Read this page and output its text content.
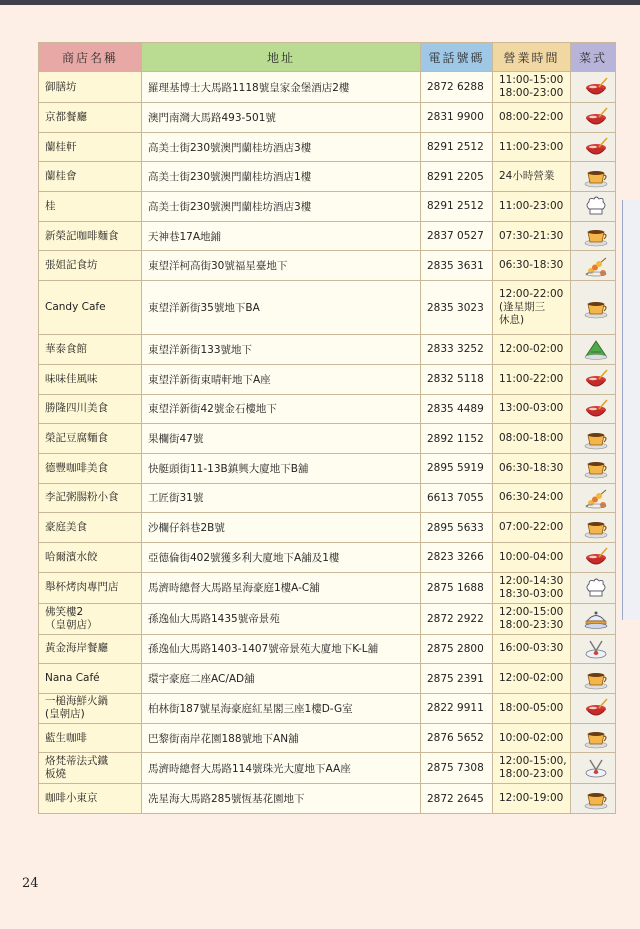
商店名稱	地址	電話號碼	營業時間	菜式
御膳坊	羅理基博士大馬路1118號皇家金堡酒店2樓	2872 6288	11:00-15:00
18:00-23:00	
京都餐廳	澳門南灣大馬路493-501號	2831 9900	08:00-22:00	
蘭桂軒	高美士街230號澳門蘭桂坊酒店3樓	8291 2512	11:00-23:00	
蘭桂會	高美士街230號澳門蘭桂坊酒店1樓	8291 2205	24小時營業	
桂	高美士街230號澳門蘭桂坊酒店3樓	8291 2512	11:00-23:00	
新榮記咖啡麵食	天神巷17A地鋪	2837 0527	07:30-21:30	
張姐記食坊	東望洋柯高街30號福星臺地下	2835 3631	06:30-18:30	
Candy Cafe	東望洋新街35號地下BA	2835 3023	12:00-22:00
(逢星期三
休息)	
華泰食館	東望洋新街133號地下	2833 3252	12:00-02:00	
味味佳風味	東望洋新街東晴軒地下A座	2832 5118	11:00-22:00	
勝隆四川美食	東望洋新街42號金石樓地下	2835 4489	13:00-03:00	
榮記豆腐麵食	果欄街47號	2892 1152	08:00-18:00	
德豐咖啡美食	快艇頭街11-13B鎮興大廈地下B舖	2895 5919	06:30-18:30	
李記粥腸粉小食	工匠街31號	6613 7055	06:30-24:00	
豪庭美食	沙欄仔斜巷2B號	2895 5633	07:00-22:00	
哈爾濱水餃	亞德倫街402號獲多利大廈地下A舖及1樓	2823 3266	10:00-04:00	
舉杯烤肉專門店	馬濟時總督大馬路星海豪庭1樓A-C舖	2875 1688	12:00-14:30
18:30-03:00	
佛笑樓2
（皇朝店）	孫逸仙大馬路1435號帝景苑	2872 2922	12:00-15:00
18:00-23:30	
黃金海岸餐廳	孫逸仙大馬路1403-1407號帝景苑大廈地下K-L舖	2875 2800	16:00-03:30	
Nana Café	環宇豪庭二座AC/AD舖	2875 2391	12:00-02:00	
一槌海鮮火鍋
(皇朝店)	柏林街187號星海豪庭紅星閣三座1樓D-G室	2822 9911	18:00-05:00	
藍生咖啡	巴黎街南岸花園188號地下AN舖	2876 5652	10:00-02:00	
烙梵蒂法式鐵
板燒	馬濟時總督大馬路114號珠光大廈地下AA座	2875 7308	12:00-15:00,
18:00-23:00	
咖啡小東京	冼星海大馬路285號恆基花園地下	2872 2645	12:00-19:00	
24
